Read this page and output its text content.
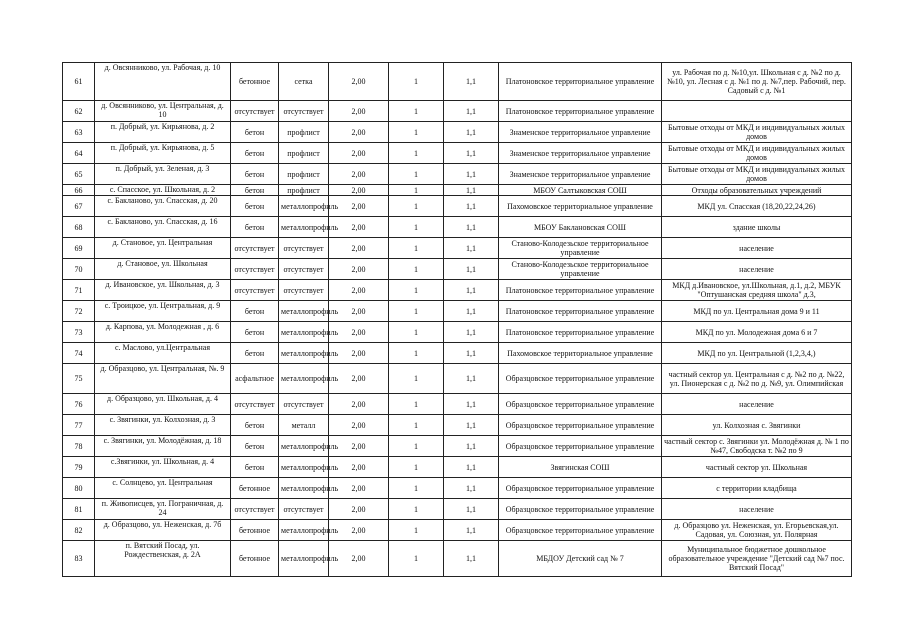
61	д. Овсянниково, ул. Рабочая, д. 10	бетонное	сетка	2,00	1	1,1	Платоновское территориальное управление	ул. Рабочая по д. №10,ул. Школьная с д. №2 по д. №10, ул. Лесная с д. №1 по д. №7,пер. Рабочий, пер. Садовый с д. №1
62	д. Овсянниково, ул. Центральная, д. 10	отсутствует	отсутствует	2,00	1	1,1	Платоновское территориальное управление	
63	п. Добрый, ул. Кирьянова, д. 2	бетон	профлист	2,00	1	1,1	Знаменское территориальное управление	Бытовые отходы от МКД и индивидуальных жилых домов
64	п. Добрый, ул. Кирьянова, д. 5	бетон	профлист	2,00	1	1,1	Знаменское территориальное управление	Бытовые отходы от МКД и индивидуальных жилых домов
65	п. Добрый, ул. Зеленая, д. 3	бетон	профлист	2,00	1	1,1	Знаменское территориальное управление	Бытовые отходы от МКД и индивидуальных жилых домов
66	с. Спасское, ул. Школьная, д. 2	бетон	профлист	2,00	1	1,1	МБОУ Салтыковская СОШ	Отходы образовательных учреждений
67	с. Бакланово, ул. Спасская, д. 20	бетон	металлопрофиль	2,00	1	1,1	Пахомовское территориальное управление	МКД ул. Спасская (18,20,22,24,26)
68	с. Бакланово, ул. Спасская, д. 16	бетон	металлопрофиль	2,00	1	1,1	МБОУ Баклановская СОШ	здание школы
69	д. Становое, ул. Центральная	отсутствует	отсутствует	2,00	1	1,1	Станово-Колодезьское территориальное управление	население
70	д. Становое, ул. Школьная	отсутствует	отсутствует	2,00	1	1,1	Станово-Колодезьское территориальное управление	население
71	д. Ивановское, ул. Школьная, д. 3	отсутствует	отсутствует	2,00	1	1,1	Платоновское территориальное управление	МКД д.Ивановское, ул.Школьная, д.1, д.2, МБУК "Оптушанская средняя школа" д.3,
72	с. Троицкое, ул. Центральная, д. 9	бетон	металлопрофиль	2,00	1	1,1	Платоновское территориальное управление	МКД по ул. Центральная дома 9 и 11
73	д. Карпова, ул. Молодежная , д. 6	бетон	металлопрофиль	2,00	1	1,1	Платоновское территориальное управление	МКД по ул. Молодежная дома 6 и 7
74	с. Маслово, ул.Центральная	бетон	металлопрофиль	2,00	1	1,1	Пахомовское территориальное управление	МКД по ул. Центральной (1,2,3,4,)
75	д. Образцово, ул. Центральная, №. 9	асфальтное	металлопрофиль	2,00	1	1,1	Образцовское территориальное управление	частный сектор ул. Центральная с д. №2 по д. №22, ул. Пионерская с д. №2 по д. №9, ул. Олимпийская
76	д. Образцово, ул. Школьная, д. 4	отсутствует	отсутствует	2,00	1	1,1	Образцовское территориальное управление	население
77	с. Звягинки, ул. Колхозная, д. 3	бетон	металл	2,00	1	1,1	Образцовское территориальное управление	ул. Колхозная с. Звягинки
78	с. Звягинки, ул. Молодёжная, д. 18	бетон	металлопрофиль	2,00	1	1,1	Образцовское территориальное управление	частный сектор с. Звягинки ул. Молодёжная д. № 1 по №47, Свободска т. №2 по 9
79	с.Звягинки, ул. Школьная, д. 4	бетон	металлопрофиль	2,00	1	1,1	Звягинская СОШ	частный сектор ул. Школьная
80	с. Солнцево, ул. Центральная	бетонное	металлопрофиль	2,00	1	1,1	Образцовское территориальное управление	с территории кладбища
81	п. Живописцев, ул. Пограничная, д. 24	отсутствует	отсутствует	2,00	1	1,1	Образцовское территориальное управление	население
82	д. Образцово, ул. Неженская, д. 7б	бетонное	металлопрофиль	2,00	1	1,1	Образцовское территориальное управление	д. Образцово ул. Неженская, ул. Егорьевская,ул. Садовая, ул. Союзная, ул. Полярная
83	п. Вятский Посад, ул. Рождественская, д. 2А	бетонное	металлопрофиль	2,00	1	1,1	МБДОУ Детский сад № 7	Муниципальное бюджетное дошкольное образовательное учреждение "Детский сад №7 пос. Вятский Посад"
